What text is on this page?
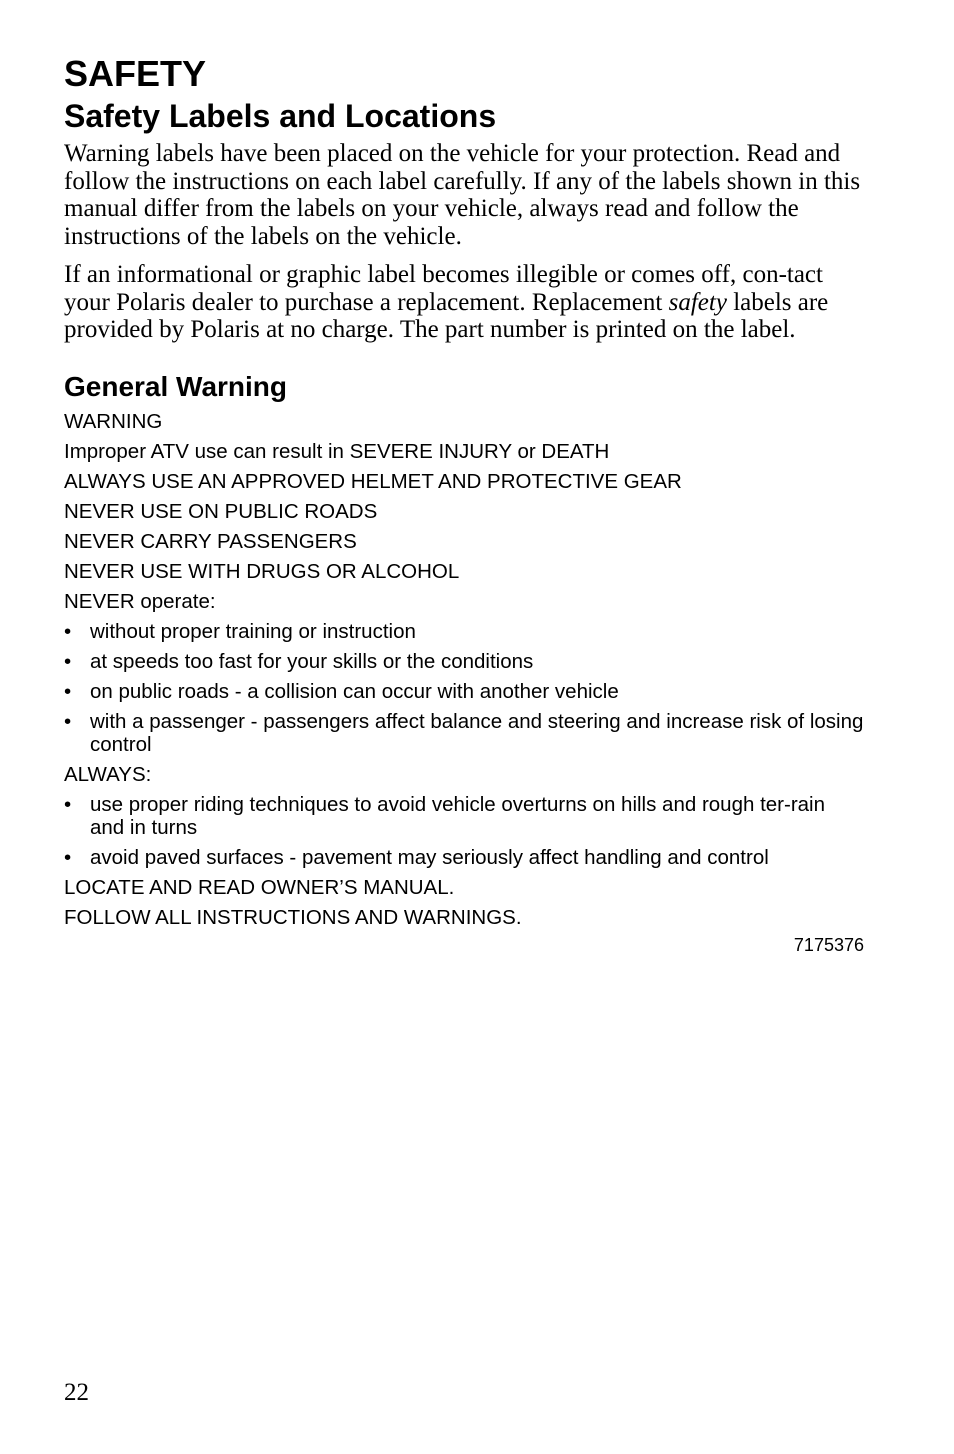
SAFETY
Safety Labels and Locations

Warning labels have been placed on the vehicle for your protection. Read and follow the instructions on each label carefully. If any of the labels shown in this manual differ from the labels on your vehicle, always read and follow the instructions of the labels on the vehicle.

If an informational or graphic label becomes illegible or comes off, con-tact your Polaris dealer to purchase a replacement. Replacement safety labels are provided by Polaris at no charge. The part number is printed on the label.

General Warning
WARNING
Improper ATV use can result in SEVERE INJURY or DEATH
ALWAYS USE AN APPROVED HELMET AND PROTECTIVE GEAR
NEVER USE ON PUBLIC ROADS
NEVER CARRY PASSENGERS
NEVER USE WITH DRUGS OR ALCOHOL
NEVER operate:
• without proper training or instruction
• at speeds too fast for your skills or the conditions
• on public roads - a collision can occur with another vehicle
• with a passenger - passengers affect balance and steering and increase risk of losing control
ALWAYS:
• use proper riding techniques to avoid vehicle overturns on hills and rough ter-rain and in turns
• avoid paved surfaces - pavement may seriously affect handling and control
LOCATE AND READ OWNER’S MANUAL.
FOLLOW ALL INSTRUCTIONS AND WARNINGS.
7175376
22
